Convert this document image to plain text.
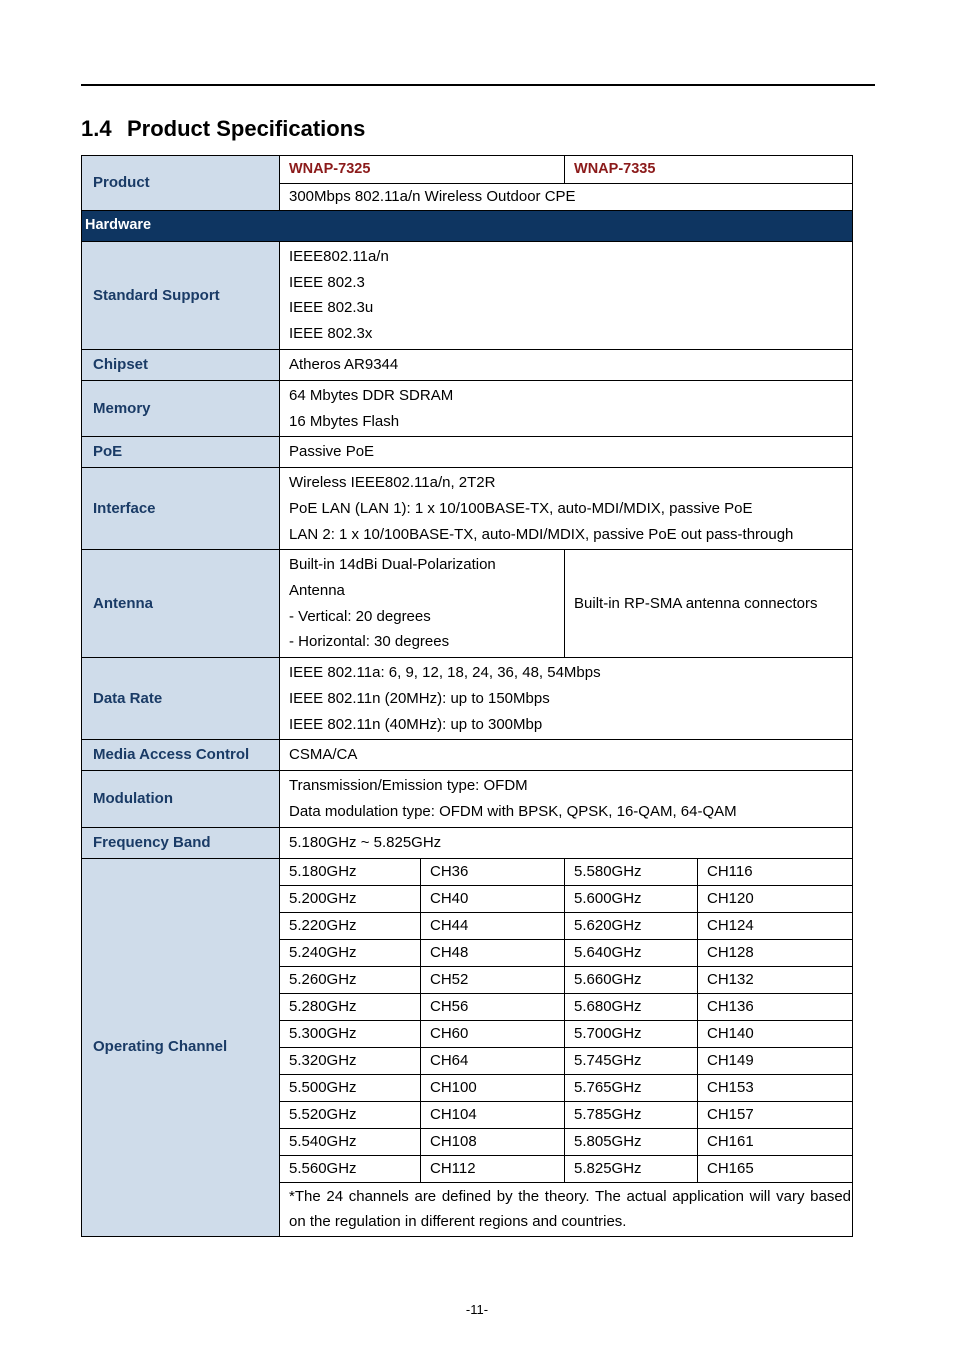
1.4 Product Specifications
Product	WNAP-7325		WNAP-7335	
	300Mbps 802.11a/n Wireless Outdoor CPE			
Hardware				
Standard Support	IEEE802.11a/n
IEEE 802.3
IEEE 802.3u
IEEE 802.3x			

Chipset	Atheros AR9344			
Memory	64 Mbytes DDR SDRAM
16 Mbytes Flash			

PoE	Passive PoE			
Interface	Wireless IEEE802.11a/n, 2T2R
PoE LAN (LAN 1): 1 x 10/100BASE-TX, auto-MDI/MDIX, passive PoE
LAN 2: 1 x 10/100BASE-TX, auto-MDI/MDIX, passive PoE out pass-through			

Antenna	Built-in 14dBi Dual-Polarization
Antenna
- Vertical: 20 degrees
- Horizontal: 30 degrees		Built-in RP-SMA antenna connectors	
Data Rate	IEEE 802.11a: 6, 9, 12, 18, 24, 36, 48, 54Mbps
IEEE 802.11n (20MHz): up to 150Mbps
IEEE 802.11n (40MHz): up to 300Mbp			

Media Access Control	CSMA/CA			
Modulation	Transmission/Emission type: OFDM
Data modulation type: OFDM with BPSK, QPSK, 16-QAM, 64-QAM			

Frequency Band	5.180GHz ~ 5.825GHz			
Operating Channel	5.180GHz	CH36	5.580GHz	CH116
	5.200GHz	CH40	5.600GHz	CH120
	5.220GHz	CH44	5.620GHz	CH124
	5.240GHz	CH48	5.640GHz	CH128
	5.260GHz	CH52	5.660GHz	CH132
	5.280GHz	CH56	5.680GHz	CH136
	5.300GHz	CH60	5.700GHz	CH140
	5.320GHz	CH64	5.745GHz	CH149
	5.500GHz	CH100	5.765GHz	CH153
	5.520GHz	CH104	5.785GHz	CH157
	5.540GHz	CH108	5.805GHz	CH161
	5.560GHz	CH112	5.825GHz	CH165
	*The 24 channels are defined by the theory. The actual application will vary based on the regulation in different regions and countries.			
-11-
